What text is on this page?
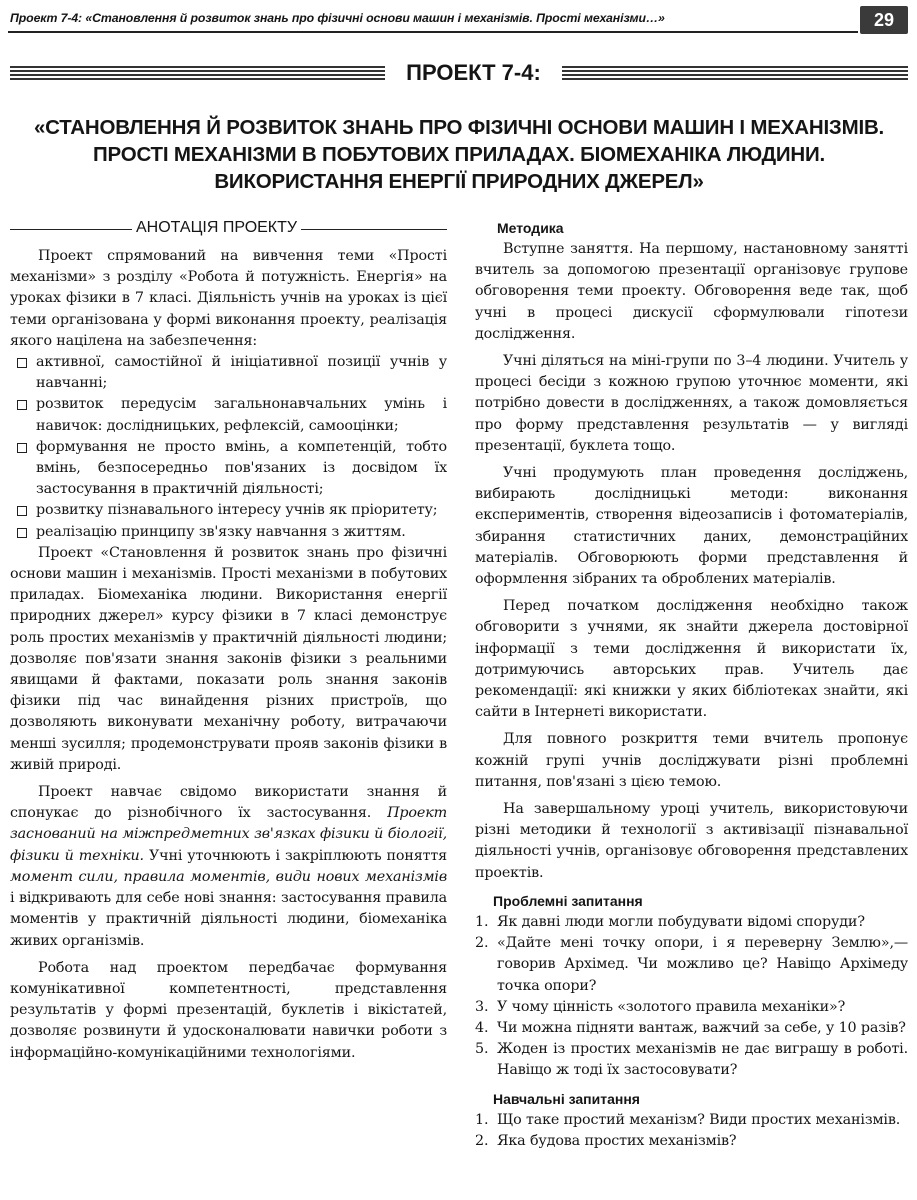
Проект 7-4: «Становлення й розвиток знань про фізичні основи машин і механізмів. Прості механізми…»	29
ПРОЕКТ 7-4:
«СТАНОВЛЕННЯ Й РОЗВИТОК ЗНАНЬ ПРО ФІЗИЧНІ ОСНОВИ МАШИН І МЕХАНІЗМІВ.
ПРОСТІ МЕХАНІЗМИ В ПОБУТОВИХ ПРИЛАДАХ. БІОМЕХАНІКА ЛЮДИНИ.
ВИКОРИСТАННЯ ЕНЕРГІЇ ПРИРОДНИХ ДЖЕРЕЛ»
АНОТАЦІЯ ПРОЕКТУ

Проект спрямований на вивчення теми «Прості механізми» з розділу «Робота й потужність. Енергія» на уроках фізики в 7 класі. Діяльність учнів на уроках із цієї теми організована у формі виконання проекту, реалізація якого націлена на забезпечення:

активної, самостійної й ініціативної позиції учнів у навчанні;
розвиток передусім загальнонавчальних умінь і навичок: дослідницьких, рефлексій, самооцінки;
формування не просто вмінь, а компетенцій, тобто вмінь, безпосередньо пов'язаних із досвідом їх застосування в практичній діяльності;
розвитку пізнавального інтересу учнів як пріоритету;
реалізацію принципу зв'язку навчання з життям.

Проект «Становлення й розвиток знань про фізичні основи машин і механізмів. Прості механізми в побутових приладах. Біомеханіка людини. Використання енергії природних джерел» курсу фізики в 7 класі демонструє роль простих механізмів у практичній діяльності людини; дозволяє пов'язати знання законів фізики з реальними явищами й фактами, показати роль знання законів фізики під час винайдення різних пристроїв, що дозволяють виконувати механічну роботу, витрачаючи менші зусилля; продемонструвати прояв законів фізики в живій природі.

Проект навчає свідомо використати знання й спонукає до різнобічного їх застосування. Проект заснований на міжпредметних зв'язках фізики й біології, фізики й техніки. Учні уточнюють і закріплюють поняття момент сили, правила моментів, види нових механізмів і відкривають для себе нові знання: застосування правила моментів у практичній діяльності людини, біомеханіка живих організмів.

Робота над проектом передбачає формування комунікативної компетентності, представлення результатів у формі презентацій, буклетів і вікістатей, дозволяє розвинути й удосконалювати навички роботи з інформаційно-комунікаційними технологіями.

Методика

Вступне заняття. На першому, настановному занятті вчитель за допомогою презентації організовує групове обговорення теми проекту. Обговорення веде так, щоб учні в процесі дискусії сформулювали гіпотези дослідження.

Учні діляться на міні-групи по 3–4 людини. Учитель у процесі бесіди з кожною групою уточнює моменти, які потрібно довести в дослідженнях, а також домовляється про форму представлення результатів — у вигляді презентації, буклета тощо.

Учні продумують план проведення досліджень, вибирають дослідницькі методи: виконання експериментів, створення відеозаписів і фотоматеріалів, збирання статистичних даних, демонстраційних матеріалів. Обговорюють форми представлення й оформлення зібраних та оброблених матеріалів.

Перед початком дослідження необхідно також обговорити з учнями, як знайти джерела достовірної інформації з теми дослідження й використати їх, дотримуючись авторських прав. Учитель дає рекомендації: які книжки у яких бібліотеках знайти, які сайти в Інтернеті використати.

Для повного розкриття теми вчитель пропонує кожній групі учнів досліджувати різні проблемні питання, пов'язані з цією темою.

На завершальному уроці учитель, використовуючи різні методики й технології з активізації пізнавальної діяльності учнів, організовує обговорення представлених проектів.

Проблемні запитання
1. Як давні люди могли побудувати відомі споруди?
2. «Дайте мені точку опори, і я переверну Землю»,— говорив Архімед. Чи можливо це? Навіщо Архімеду точка опори?
3. У чому цінність «золотого правила механіки»?
4. Чи можна підняти вантаж, важчий за себе, у 10 разів?
5. Жоден із простих механізмів не дає виграшу в роботі. Навіщо ж тоді їх застосовувати?
Навчальні запитання
1. Що таке простий механізм? Види простих механізмів.
2. Яка будова простих механізмів?
